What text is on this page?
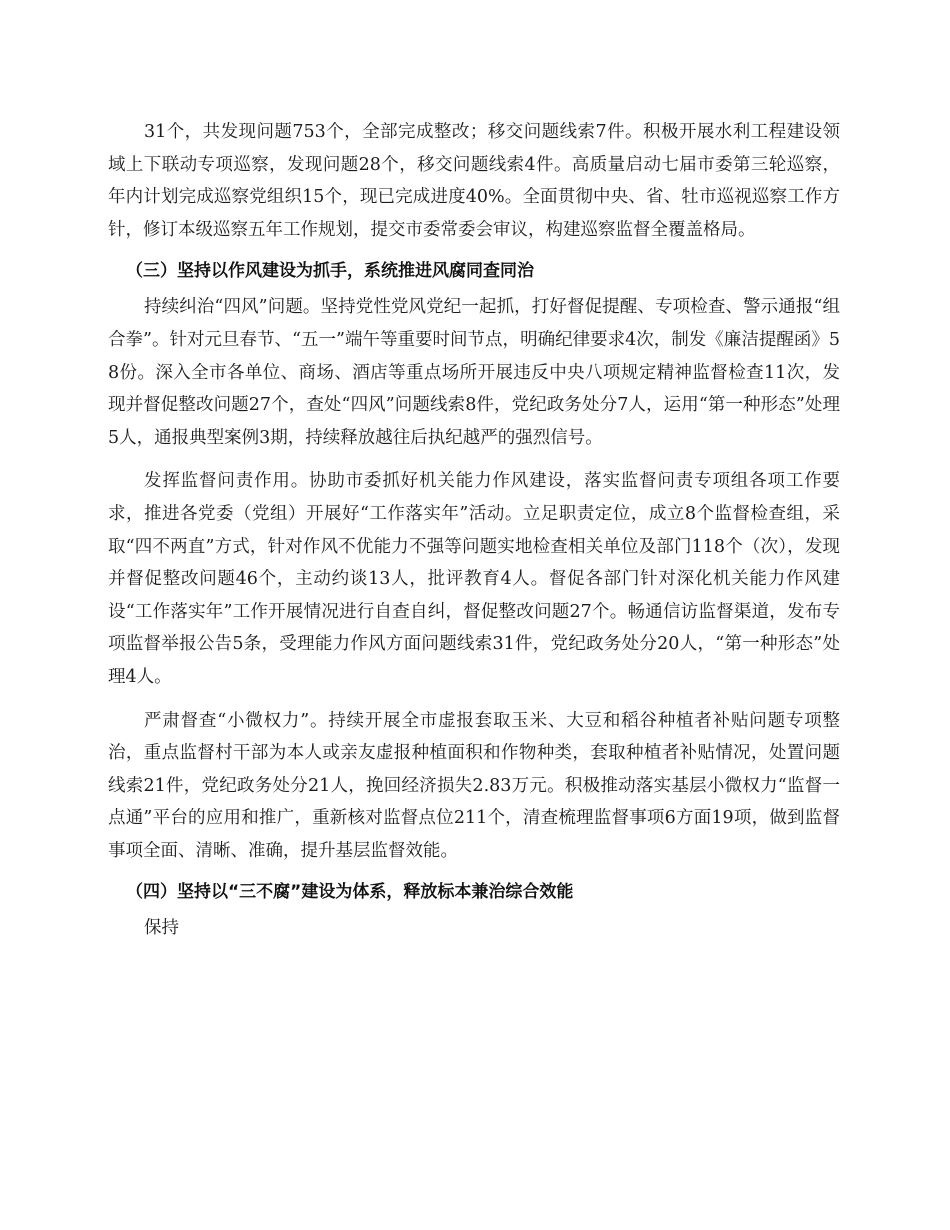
31个，共发现问题753个，全部完成整改；移交问题线索7件。积极开展水利工程建设领域上下联动专项巡察，发现问题28个，移交问题线索4件。高质量启动七届市委第三轮巡察，年内计划完成巡察党组织15个，现已完成进度40%。全面贯彻中央、省、牡市巡视巡察工作方针，修订本级巡察五年工作规划，提交市委常委会审议，构建巡察监督全覆盖格局。

（三）坚持以作风建设为抓手，系统推进风腐同查同治

持续纠治“四风”问题。坚持党性党风党纪一起抓，打好督促提醒、专项检查、警示通报“组合拳”。针对元旦春节、“五一”端午等重要时间节点，明确纪律要求4次，制发《廉洁提醒函》58份。深入全市各单位、商场、酒店等重点场所开展违反中央八项规定精神监督检查11次，发现并督促整改问题27个，查处“四风”问题线索8件，党纪政务处分7人，运用“第一种形态”处理5人，通报典型案例3期，持续释放越往后执纪越严的强烈信号。

发挥监督问责作用。协助市委抓好机关能力作风建设，落实监督问责专项组各项工作要求，推进各党委（党组）开展好“工作落实年”活动。立足职责定位，成立8个监督检查组，采取“四不两直”方式，针对作风不优能力不强等问题实地检查相关单位及部门118个（次），发现并督促整改问题46个，主动约谈13人，批评教育4人。督促各部门针对深化机关能力作风建设“工作落实年”工作开展情况进行自查自纠，督促整改问题27个。畅通信访监督渠道，发布专项监督举报公告5条，受理能力作风方面问题线索31件，党纪政务处分20人，“第一种形态”处理4人。

严肃督查“小微权力”。持续开展全市虚报套取玉米、大豆和稻谷种植者补贴问题专项整治，重点监督村干部为本人或亲友虚报种植面积和作物种类，套取种植者补贴情况，处置问题线索21件，党纪政务处分21人，挽回经济损失2.83万元。积极推动落实基层小微权力“监督一点通”平台的应用和推广，重新核对监督点位211个，清查梳理监督事项6方面19项，做到监督事项全面、清晰、准确，提升基层监督效能。

（四）坚持以“三不腐”建设为体系，释放标本兼治综合效能

保持
